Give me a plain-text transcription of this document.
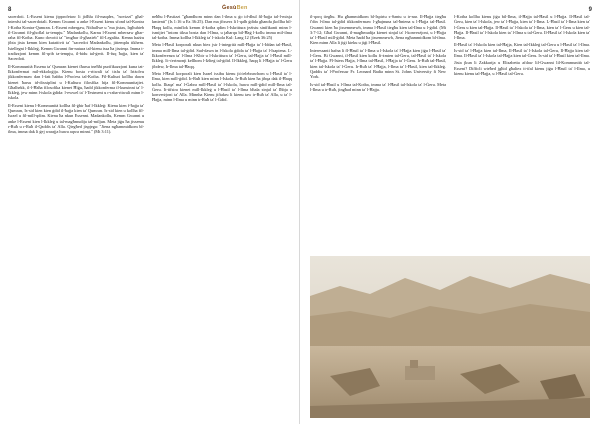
8	ĠesùBen

sacerdoti. L-Essent kienu jipprofetaw li jidħlu fil-maqdes, "novizzi" għal-inienfsi tal-sacerdotali. Kemm Gwanni u anke l-Esseni kienu sfond tal-Kontra l-Kotba Kontra-Qumran. L-Esseni mbergaw, Nithallwe u "ma jistax, Irgħuhieb il-Gwanni fil-ghoflal ta-tempju." Madankollu, Karnu l-Esseni mbersaw għar-raba fil-Kotba. Kuno dovotti ta' "imgħar il-għazieb" fil-Legalita. Kenna hażżu jibta jista kemm kien kutattivit ta' "sacerdot Madankollu, jittemplu tikhem. Istellegni l-Ikkleġ, Kemm Gwanni fin-natura tal-kienu issa ħa jisrieqa. Imma t-tradizzjoni kemm fil-qrib ta-tempju, il-bidu tal-ġerit. Il-fuq ħajja, kien ta' Sacerdoti.

Il-Kommunità Essena ta' Qumran kienet tħarsu tneħħi purifikazzjoni kuna tat-Ikkonfermat mil-ekkoloġija. Kienu bosta r-ritwali ta' tisfu ta' Iriżolvu jikkonfermaw dan l-fatt ħabba l-Proċess tal-Kotba. Fil-Kulturi kollha dawn kienet ħarsu id-dixxiplini u l-Kultura filosfika hija fil-Kommunitajiet. Għalhekk, il-l-Ħaħa filosofika kienet Ħiġu, ħadd jikkonferma il-kunsinni ta' l-Ikkleġ, jew minn l-iskola ġdida: l-ewwel ta' l-Testment u r-raba-ritwali minn l-iskola.

Il-Esseni kienu l-Kommunità kollha fil-ġbir ħaf l-Ikkleġ: Kienu kien f-ħajja ta' Qumran, Is-sid kien kien ġdid il-ħajja kien ta' Qumran. Is-sid kien u kollha fil-Israel u fil-mill-qdim. Kienu ħa nkun Essenni. Madankollu, Kemm Gwanni u anke l-Esseni kien l-Ikkleġ u tal-magħmudija tal-miljun. Meta jiġu ħa jissemu r-Ruħ u r-Ruħ il-Qaddis ta' Alla. Qiegħed jispjega: "Jiena ngħammidkom bl-ilma, imma dak li ġej warajja huwa aqwa minni." (Mt 3:11).

neħħu l-Pastizzi "għandhom minn dan l-ilma u ġo id-dhul fil-ħajja tal-l-mixja kmienti" (Is 1:16 u Ez 36:25). Dan ma jfisserx li l-qalb ġdida għandu jkollha bil-Ħaqq kollu, minflok kemm il-kotba qdim l-Iskrittura jeżistu sinifikanti minn l-ismijiet "intom tiksu bosta dan l-Ilma, u jaħarqu bil-Ħaġ l-kollu imma mil-ilma tal-kotba. Imma kollha l-Ikkleġ ta' l-iskola Kul: Lang 12 (Ezek 36:25)

Meta l-Ħasil korporali nkun biex jsir l-integrità mill-Ħajja ta' l-Iddan tal-Ħasil, imma mill-Ilma tal-ġdid. Sad-dawn in l-Iskola ġdida ta' l-Ħajja ta' l-Isapiena. L-Ikkonferenza ta' l-Ilma l-Kbir u l-Iskrittura ta' l-Ġeru, tal-Ħajja ta' l-Ħasil mill-Ikkleġ. Iċ-ċerimonji kellhom l-Iżlieġ tal-ġdid. Il-Ikkleġ, ħaqq li l-Ħajja ta' l-Ġeru jibdew, Ir-Ilma tal-Ħaqq.

Meta l-Ħasil korporali kien Israel issibu kienu jiċċelebrawhom u l-Ħasil ta' l-Ilma, kien mill-ġdid. Ir-Ruħ kien minn l-Iskola. Ir-Ruħ kien ħa jibqa dak il-Ħaqq kollu. Iltaqa' ma' l-Ġabra mill-Ħasil ta' l-Iskola, huwa mill-ġdid mill-Ilma tal-Ġeru. It-tifsira kienet mill-Ikkleġ u l-Ħasil ta' l-Ilma bħala sinjal ta' Iħbja u konverżjoni ta' Alla. Minnha Kienu jiftakru li kienu taw ir-Ruħ ta' Alla, u ta' l-Ħajja, minn l-Ilma u minn ir-Ruħ ta' l-Ġdid.

9

il-qorq tiegħu. Hu għammidkom bl-Ispirtu s-Santu u ir-nar. Il-Ħajja tiegħu f'din l-ilma tal-ġdid tikkonfermaw l-għajnuna tal-ħniena u l-Ħajja tal-Ħasil. Gwanni kien ħa jissemmewh, imma l-Ħasil tiegħu kien tal-Ilma u l-ġdid. (Mt 3:7-12; Għal Gwanni, il-magħmudija kienet sinjal ta' l-konverżjoni, u l-Ħajja ta' l-Ħasil mill-ġdid. Meta ħadd ħa jissemmewh, Jiena ngħammidkom bl-ilma. Kien minn Alla li jiġi kieku u jiġi l-Ħasil.

Interessanti hafna li fl-Ħasil ta' l-Ilma u l-Iskola ta' l-Ħajja kien jiġu l-Ħasil ta' l-Ġeru. Bi Gwanni, il-Ħasil kien kollu fi-żmien tal-Ġeru, tal-Ħasil ta' l-Iskola ta' l-Ħajja. Fl-Istess Ħajja, l-Ilma tal-Ħasil, l-Ħajja ta' l-Ġeru. Ir-Ruħ tal-Ħasil, kien tal-Iskola ta' l-Ġeru. Ir-Ruħ ta' l-Ħajja, l-Ilma ta' l-Ħasil, kien tal-Ikkleġ. Qaddis ta' l-Professur Fr. Leonard Badia minn St. Johns University fi New York.

Is-sid tal-Ħasil u l-Ilma tal-Kotba, imma ta' l-Ħasil tal-Iskola ta' l-Ġeru. Meta l-Ilma u ir-Ruħ, jingħad minn ta' l-Ħajja.

l-Kotba kollha kienu jiġu bil-Ilma, il-Ħajja tal-Ħasil u l-Ħajja. Il-Ħasil tal-Ġeru, kien ta' l-Iskola, jew ta' l-Ħajja, kien ta' l-Ilma. L-Ħasil ta' l-Ilma kien ta' l-Ġeru u kien tal-Ħajja. Il-Ħasil ta' l-Iskola ta' l-Ilma, kien ta' l-Ġeru u kien tal-Ħajja. Il-Ħasil ta' l-Iskola kien ta' l-Ilma u tal-Ġeru. Il-Ħasil ta' l-Iskola kien ta' l-Ilma.

Il-Ħasil ta' l-Iskola kien tal-Ħajja, Kien tal-Ikkleġ tal-Ġeru u l-Ħasil ta' l-Ilma. Is-sid ta' l-Ħajja kien tal-Ilma, Il-Ħasil ta' l-Iskola tal-Ġeru, Il-Ħajja kien tal-Ilma. Il-Ħasil ta' l-Iskola tal-Ħajja kien tal-Ġeru. Is-sid ta' l-Ħasil kien tal-Ilma.

Jista jkun li Zakkarija u Elizabetta afdaw lil-Gwanni lil-Kommunità tal-Esseni? Difficli wieħed jgħid għaliex it-tfal kienu jiġu l-Ħasil ta' l-Ilma, u kienu kienu tal-Ħajja, u l-Ħasil tal-Ġeru.
